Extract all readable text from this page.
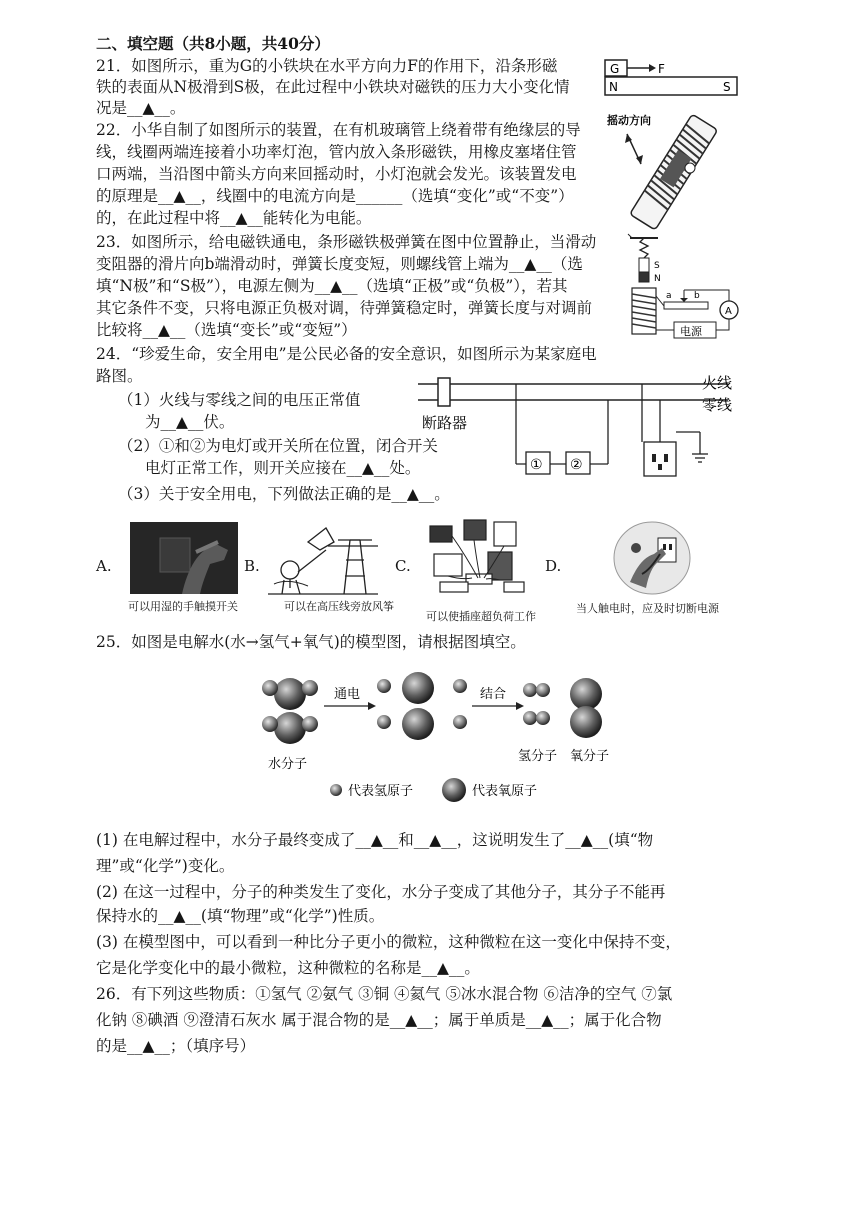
二、填空题（共8小题，共40分）
21．如图所示，重为G的小铁块在水平方向力F的作用下，沿条形磁
铁的表面从N极滑到S极，在此过程中小铁块对磁铁的压力大小变化情
况是__▲__。
G	F
N	S
22．小华自制了如图所示的装置，在有机玻璃管上绕着带有绝缘层的导
线，线圈两端连接着小功率灯泡，管内放入条形磁铁，用橡皮塞堵住管
口两端，当沿图中箭头方向来回摇动时，小灯泡就会发光。该装置发电
的原理是__▲__，线圈中的电流方向是______（选填“变化”或“不变”）
的，在此过程中将__▲__能转化为电能。
摇动方向
23．如图所示，给电磁铁通电，条形磁铁极弹簧在图中位置静止，当滑动
变阻器的滑片向b端滑动时，弹簧长度变短，则螺线管上端为__▲__（选
填“N极”和“S极”），电源左侧为__▲__（选填“正极”或“负极”），若其
其它条件不变，只将电源正负极对调，待弹簧稳定时，弹簧长度与对调前
比较将__▲__（选填“变长”或“变短”）
S
N
a b
A
电源
24．“珍爱生命，安全用电”是公民必备的安全意识，如图所示为某家庭电
路图。
（1）火线与零线之间的电压正常值
为__▲__伏。
（2）①和②为电灯或开关所在位置，闭合开关
电灯正常工作，则开关应接在__▲__处。
（3）关于安全用电，下列做法正确的是__▲__。
火线
零线
断路器
① ②
A.
可以用湿的手触摸开关
B.
可以在高压线旁放风筝
C.
可以使插座超负荷工作
D.
当人触电时，应及时切断电源
25．如图是电解水(水→氢气+氧气)的模型图，请根据图填空。
通电	结合
水分子
氢分子 氧分子
代表氢原子	代表氧原子
(1) 在电解过程中，水分子最终变成了__▲__和__▲__，这说明发生了__▲__(填“物
理”或“化学”)变化。
(2) 在这一过程中，分子的种类发生了变化，水分子变成了其他分子，其分子不能再
保持水的__▲__(填“物理”或“化学”)性质。
(3) 在模型图中，可以看到一种比分子更小的微粒，这种微粒在这一变化中保持不变，
它是化学变化中的最小微粒，这种微粒的名称是__▲__。
26．有下列这些物质：①氢气 ②氨气 ③铜 ④氦气 ⑤冰水混合物 ⑥洁净的空气 ⑦氯
化钠 ⑧碘酒 ⑨澄清石灰水 属于混合物的是__▲__；属于单质是__▲__；属于化合物
的是__▲__；（填序号）
